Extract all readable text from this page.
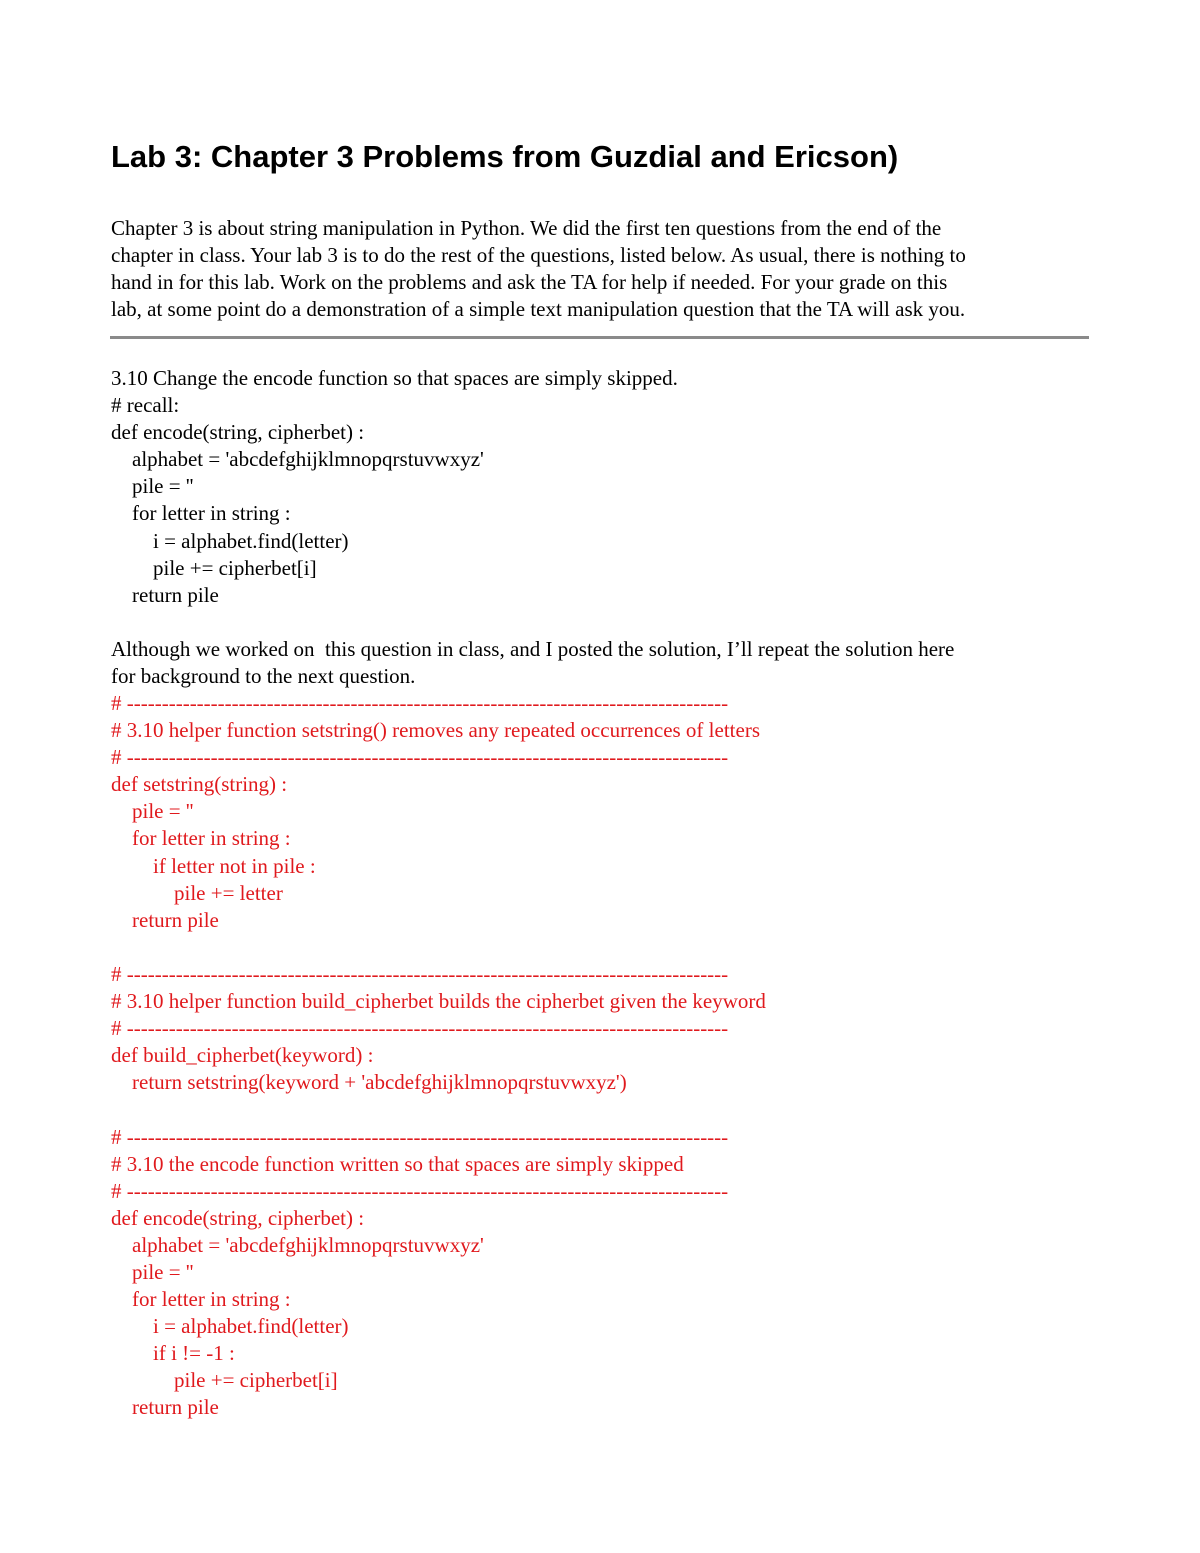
Lab 3: Chapter 3 Problems from Guzdial and Ericson)
Chapter 3 is about string manipulation in Python. We did the first ten questions from the end of the
chapter in class. Your lab 3 is to do the rest of the questions, listed below. As usual, there is nothing to
hand in for this lab. Work on the problems and ask the TA for help if needed. For your grade on this
lab, at some point do a demonstration of a simple text manipulation question that the TA will ask you.
3.10 Change the encode function so that spaces are simply skipped.
# recall:
def encode(string, cipherbet) :
alphabet = 'abcdefghijklmnopqrstuvwxyz'
pile = ''
for letter in string :
i = alphabet.find(letter)
pile += cipherbet[i]
return pile
Although we worked on  this question in class, and I posted the solution, I’ll repeat the solution here
for background to the next question.
# --------------------------------------------------------------------------------------
# 3.10 helper function setstring() removes any repeated occurrences of letters
# --------------------------------------------------------------------------------------
def setstring(string) :
pile = ''
for letter in string :
if letter not in pile :
pile += letter
return pile
# --------------------------------------------------------------------------------------
# 3.10 helper function build_cipherbet builds the cipherbet given the keyword
# --------------------------------------------------------------------------------------
def build_cipherbet(keyword) :
return setstring(keyword + 'abcdefghijklmnopqrstuvwxyz')
# --------------------------------------------------------------------------------------
# 3.10 the encode function written so that spaces are simply skipped
# --------------------------------------------------------------------------------------
def encode(string, cipherbet) :
alphabet = 'abcdefghijklmnopqrstuvwxyz'
pile = ''
for letter in string :
i = alphabet.find(letter)
if i != -1 :
pile += cipherbet[i]
return pile
